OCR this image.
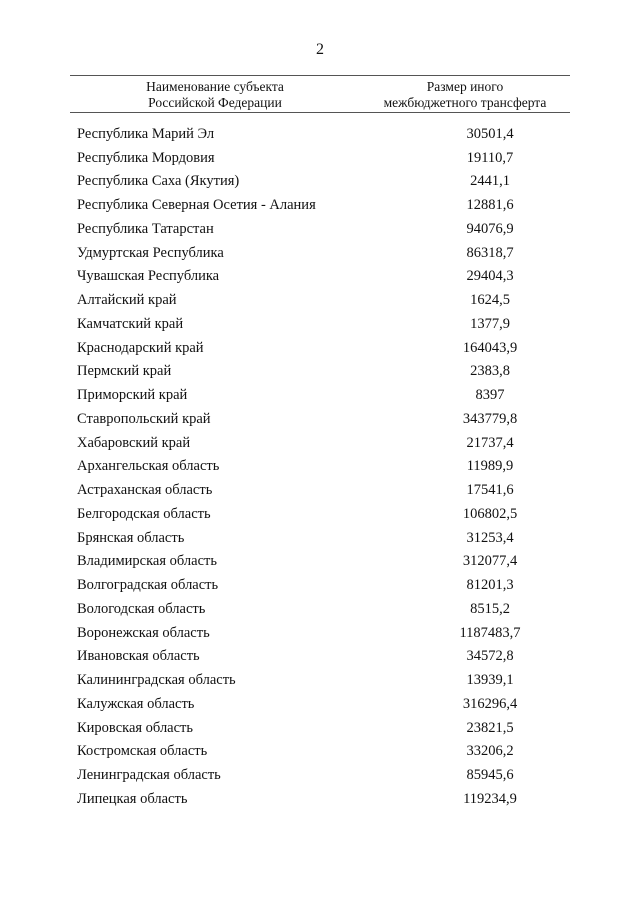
2
Наименование субъекта
Российской Федерации
Размер иного
межбюджетного трансферта
Республика Марий Эл	30501,4
Республика Мордовия	19110,7
Республика Саха (Якутия)	2441,1
Республика Северная Осетия - Алания	12881,6
Республика Татарстан	94076,9
Удмуртская Республика	86318,7
Чувашская Республика	29404,3
Алтайский край	1624,5
Камчатский край	1377,9
Краснодарский край	164043,9
Пермский край	2383,8
Приморский край	8397
Ставропольский край	343779,8
Хабаровский край	21737,4
Архангельская область	11989,9
Астраханская область	17541,6
Белгородская область	106802,5
Брянская область	31253,4
Владимирская область	312077,4
Волгоградская область	81201,3
Вологодская область	8515,2
Воронежская область	1187483,7
Ивановская область	34572,8
Калининградская область	13939,1
Калужская область	316296,4
Кировская область	23821,5
Костромская область	33206,2
Ленинградская область	85945,6
Липецкая область	119234,9
